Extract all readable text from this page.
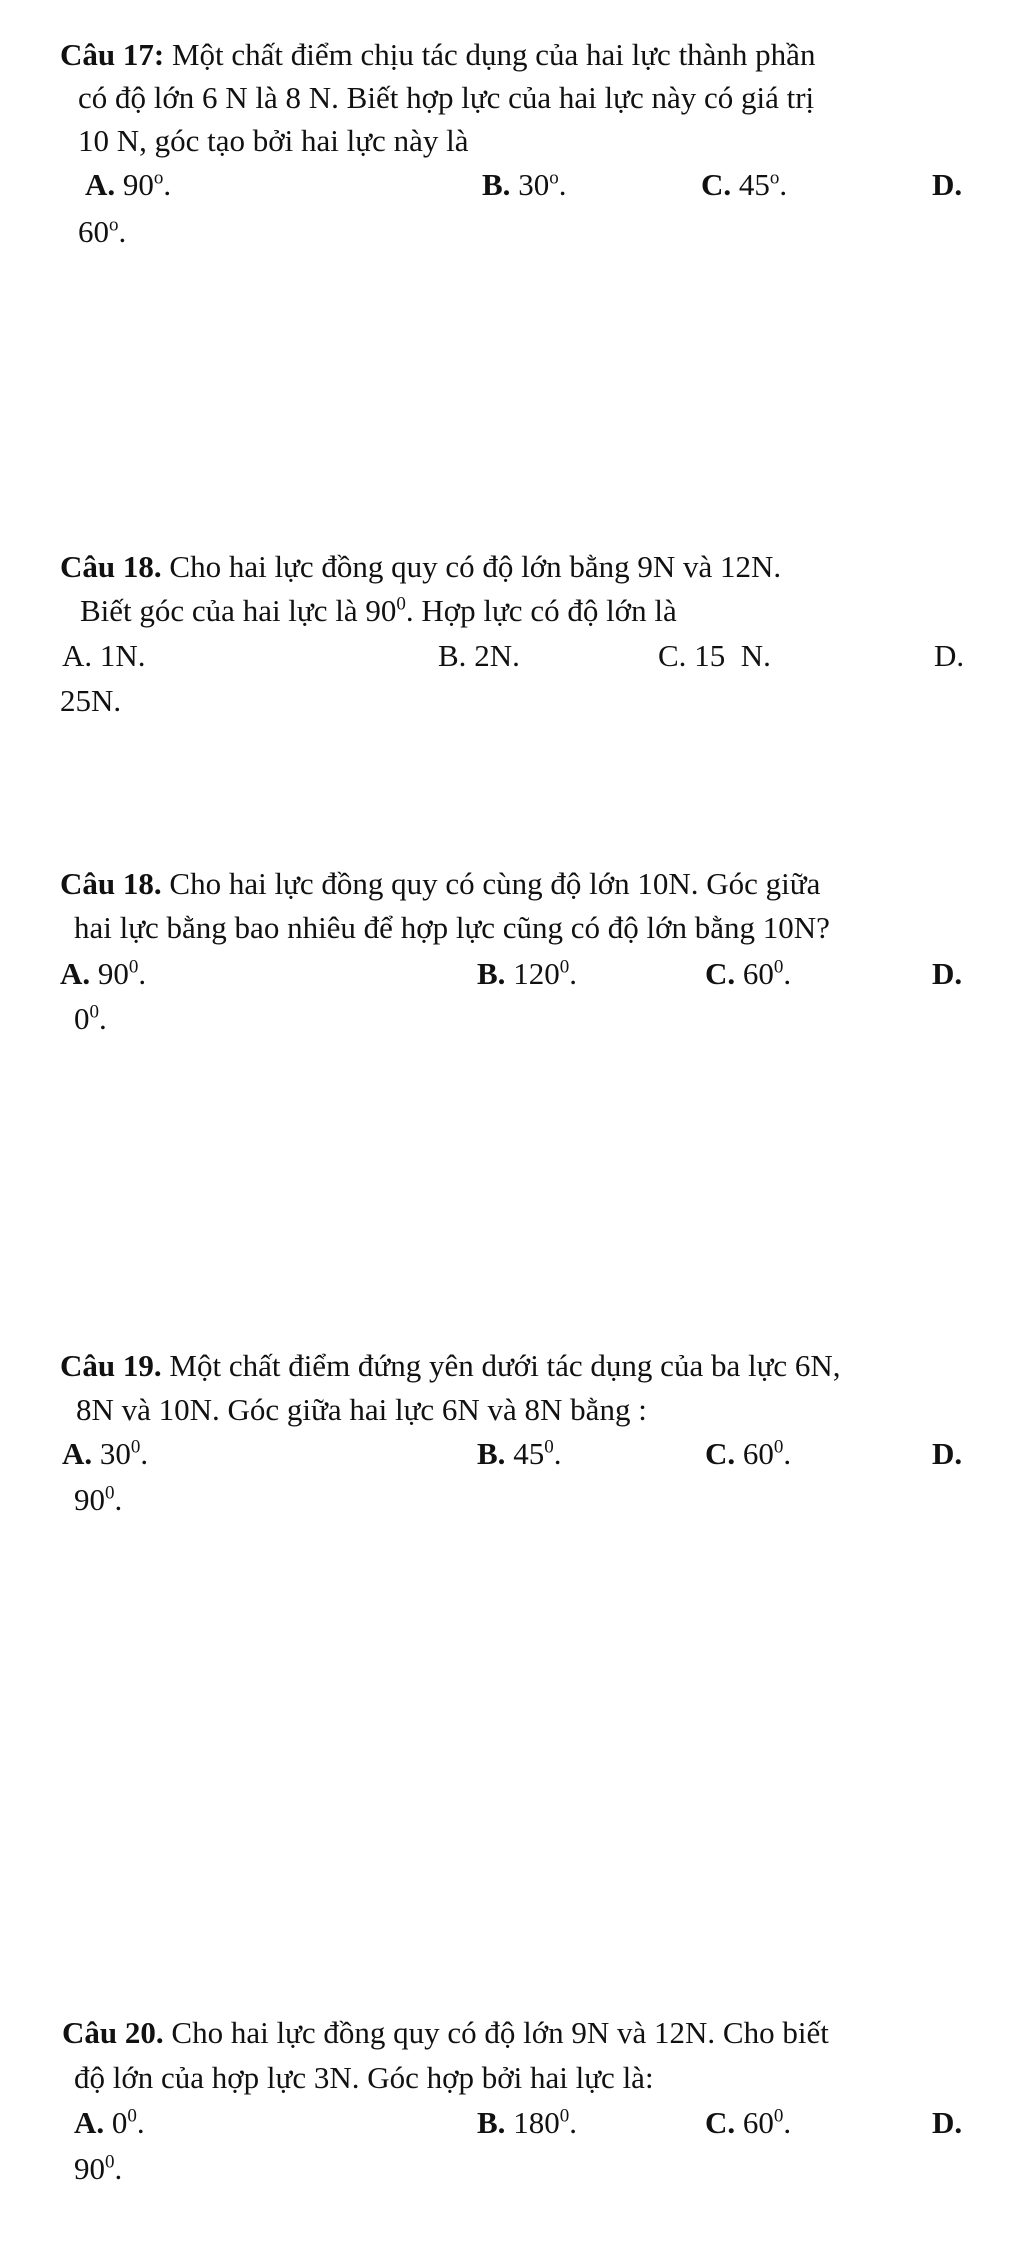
Câu 17: Một chất điểm chịu tác dụng của hai lực thành phần
có độ lớn 6 N là 8 N. Biết hợp lực của hai lực này có giá trị
10 N, góc tạo bởi hai lực này là
A. 90$^o$.	B. 30$^o$.	C. 45$^o$.	D.
60$^o$.
Câu 18. Cho hai lực đồng quy có độ lớn bằng 9N và 12N.
Biết góc của hai lực là $90^0$. Hợp lực có độ lớn là
A. 1N.	B. 2N.	C. 15  N.	D.
25N.
Câu 18. Cho hai lực đồng quy có cùng độ lớn 10N. Góc giữa
hai lực bằng bao nhiêu để hợp lực cũng có độ lớn bằng 10N?
A. $90^0$.	B. $120^0$.	C. $60^0$.	D.
$0^0$.
Câu 19. Một chất điểm đứng yên dưới tác dụng của ba lực 6N,
8N và 10N. Góc giữa hai lực 6N và 8N bằng :
A. $30^0$.	B. $45^0$.	C. $60^0$.	D.
$90^0$.
Câu 20. Cho hai lực đồng quy có độ lớn 9N và 12N. Cho biết
độ lớn của hợp lực 3N. Góc hợp bởi hai lực là:
A. $0^0$.	B. $180^0$.	C. $60^0$.	D.
$90^0$.
